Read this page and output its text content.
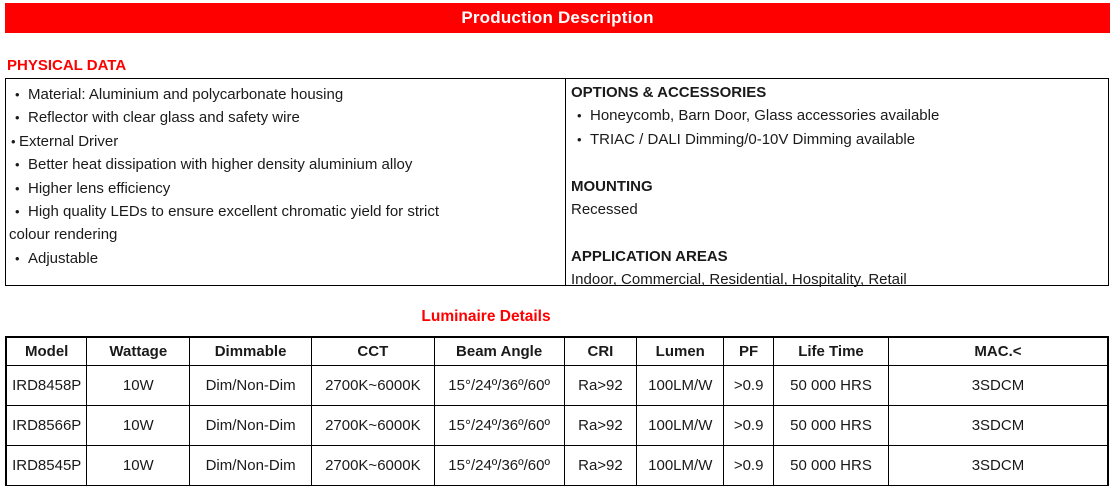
Production Description
PHYSICAL DATA
• Material: Aluminium and polycarbonate housing
• Reflector with clear glass and safety wire
• External Driver
• Better heat dissipation with higher density aluminium alloy
• Higher lens efficiency
• High quality LEDs to ensure excellent chromatic yield for strict
colour rendering
• Adjustable
OPTIONS & ACCESSORIES
• Honeycomb, Barn Door, Glass accessories available
• TRIAC / DALI Dimming/0-10V Dimming available
MOUNTING
Recessed
APPLICATION AREAS
Indoor, Commercial, Residential, Hospitality, Retail
Luminaire Details
Model	Wattage	Dimmable	CCT	Beam Angle	CRI	Lumen	PF	Life Time	MAC.<
IRD8458P	10W	Dim/Non-Dim	2700K~6000K	15°/24º/36º/60º	Ra>92	100LM/W	>0.9	50 000 HRS	3SDCM
IRD8566P	10W	Dim/Non-Dim	2700K~6000K	15°/24º/36º/60º	Ra>92	100LM/W	>0.9	50 000 HRS	3SDCM
IRD8545P	10W	Dim/Non-Dim	2700K~6000K	15°/24º/36º/60º	Ra>92	100LM/W	>0.9	50 000 HRS	3SDCM
